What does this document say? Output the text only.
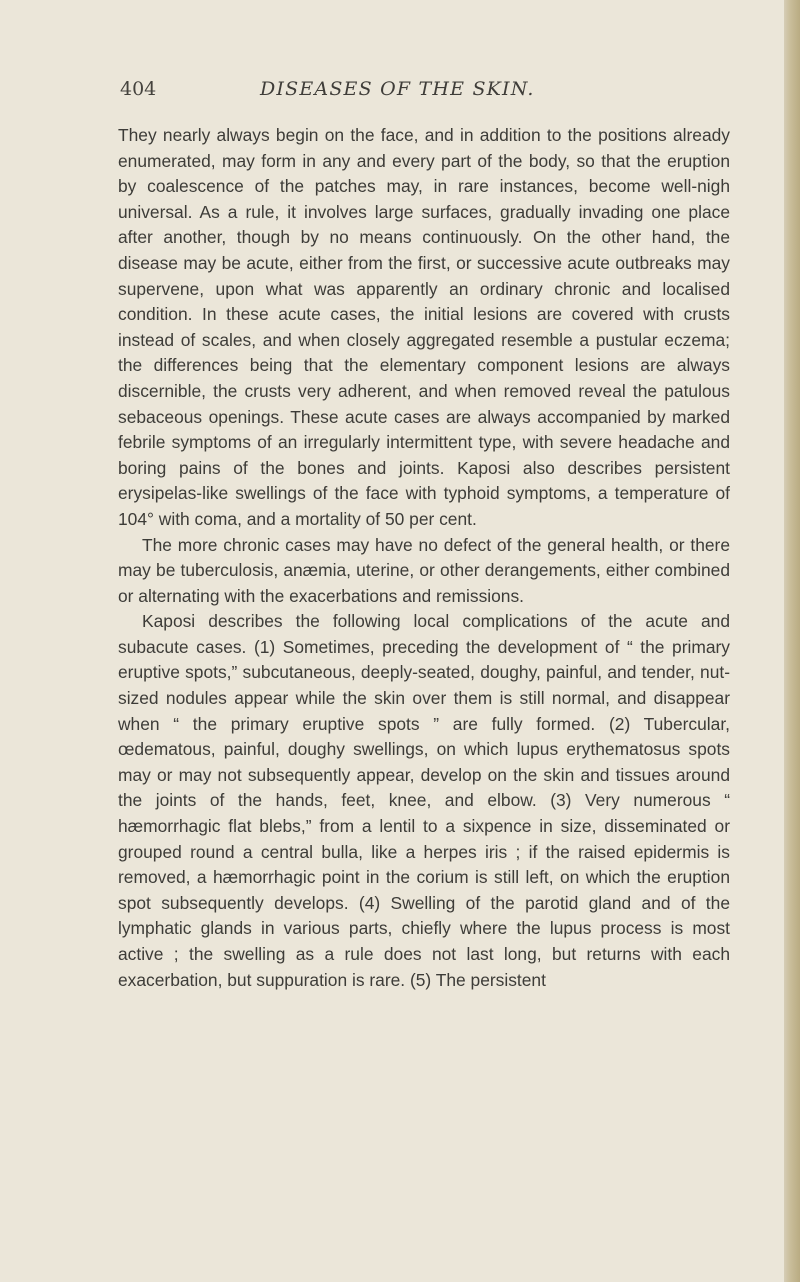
404	DISEASES OF THE SKIN.

They nearly always begin on the face, and in addition to the positions already enumerated, may form in any and every part of the body, so that the eruption by coalescence of the patches may, in rare instances, become well-nigh universal. As a rule, it involves large surfaces, gradually invading one place after another, though by no means continuously. On the other hand, the disease may be acute, either from the first, or successive acute outbreaks may supervene, upon what was apparently an ordinary chronic and localised condition. In these acute cases, the initial lesions are covered with crusts instead of scales, and when closely aggregated resemble a pustular eczema; the differences being that the elementary component lesions are always discernible, the crusts very adherent, and when removed reveal the patulous sebaceous openings. These acute cases are always accompanied by marked febrile symptoms of an irregularly intermittent type, with severe headache and boring pains of the bones and joints. Kaposi also describes persistent erysipelas-like swellings of the face with typhoid symptoms, a temperature of 104° with coma, and a mortality of 50 per cent.

The more chronic cases may have no defect of the general health, or there may be tuberculosis, anæmia, uterine, or other derangements, either combined or alternating with the exacerbations and remissions.

Kaposi describes the following local complications of the acute and subacute cases. (1) Sometimes, preceding the development of “ the primary eruptive spots,” subcutaneous, deeply-seated, doughy, painful, and tender, nut-sized nodules appear while the skin over them is still normal, and disappear when “ the primary eruptive spots ” are fully formed. (2) Tubercular, œdematous, painful, doughy swellings, on which lupus erythematosus spots may or may not subsequently appear, develop on the skin and tissues around the joints of the hands, feet, knee, and elbow. (3) Very numerous “ hæmorrhagic flat blebs,” from a lentil to a sixpence in size, disseminated or grouped round a central bulla, like a herpes iris ; if the raised epidermis is removed, a hæmorrhagic point in the corium is still left, on which the eruption spot subsequently develops. (4) Swelling of the parotid gland and of the lymphatic glands in various parts, chiefly where the lupus process is most active ; the swelling as a rule does not last long, but returns with each exacerbation, but suppuration is rare. (5) The persistent
